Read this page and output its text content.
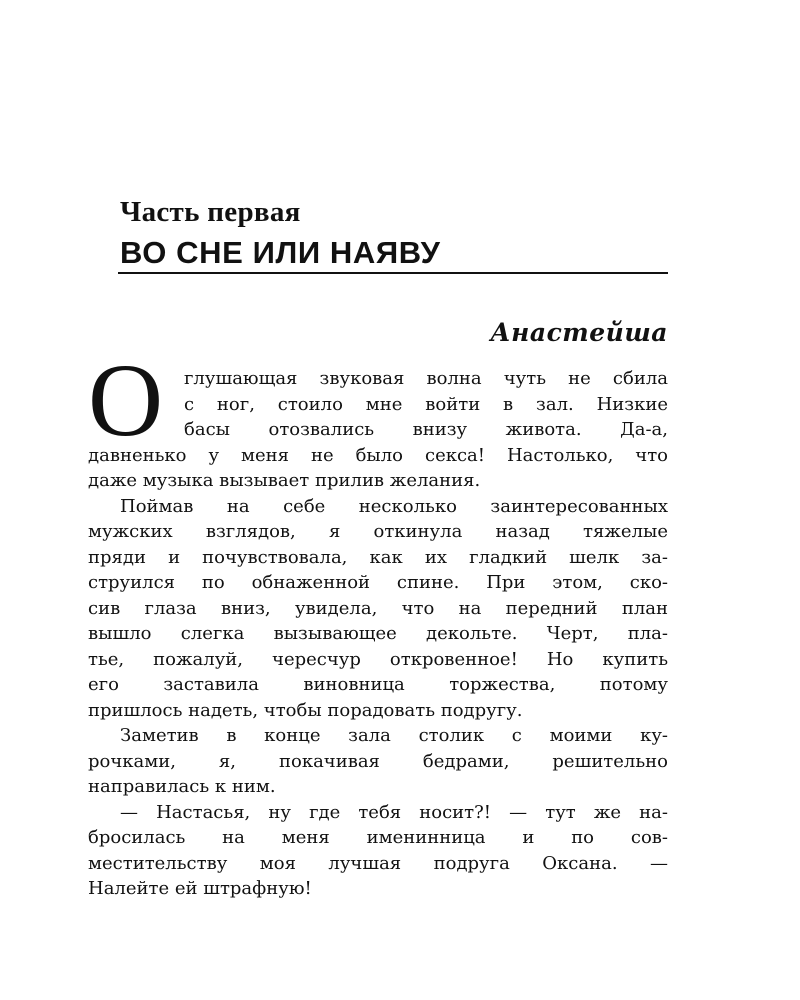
Часть первая
ВО СНЕ ИЛИ НАЯВУ
Анастейша
О	глушающая звуковая волна чуть не сбила
с ног, стоило мне войти в зал. Низкие
басы отозвались внизу живота. Да-а,
давненько у меня не было секса! Настолько, что
даже музыка вызывает прилив желания.
Поймав на себе несколько заинтересованных
мужских взглядов, я откинула назад тяжелые
пряди и почувствовала, как их гладкий шелк за-
струился по обнаженной спине. При этом, ско-
сив глаза вниз, увидела, что на передний план
вышло слегка вызывающее декольте. Черт, пла-
тье, пожалуй, чересчур откровенное! Но купить
его заставила виновница торжества, потому
пришлось надеть, чтобы порадовать подругу.
Заметив в конце зала столик с моими ку-
рочками, я, покачивая бедрами, решительно
направилась к ним.
— Настасья, ну где тебя носит?! — тут же на-
бросилась на меня именинница и по сов-
местительству моя лучшая подруга Оксана. —
Налейте ей штрафную!
